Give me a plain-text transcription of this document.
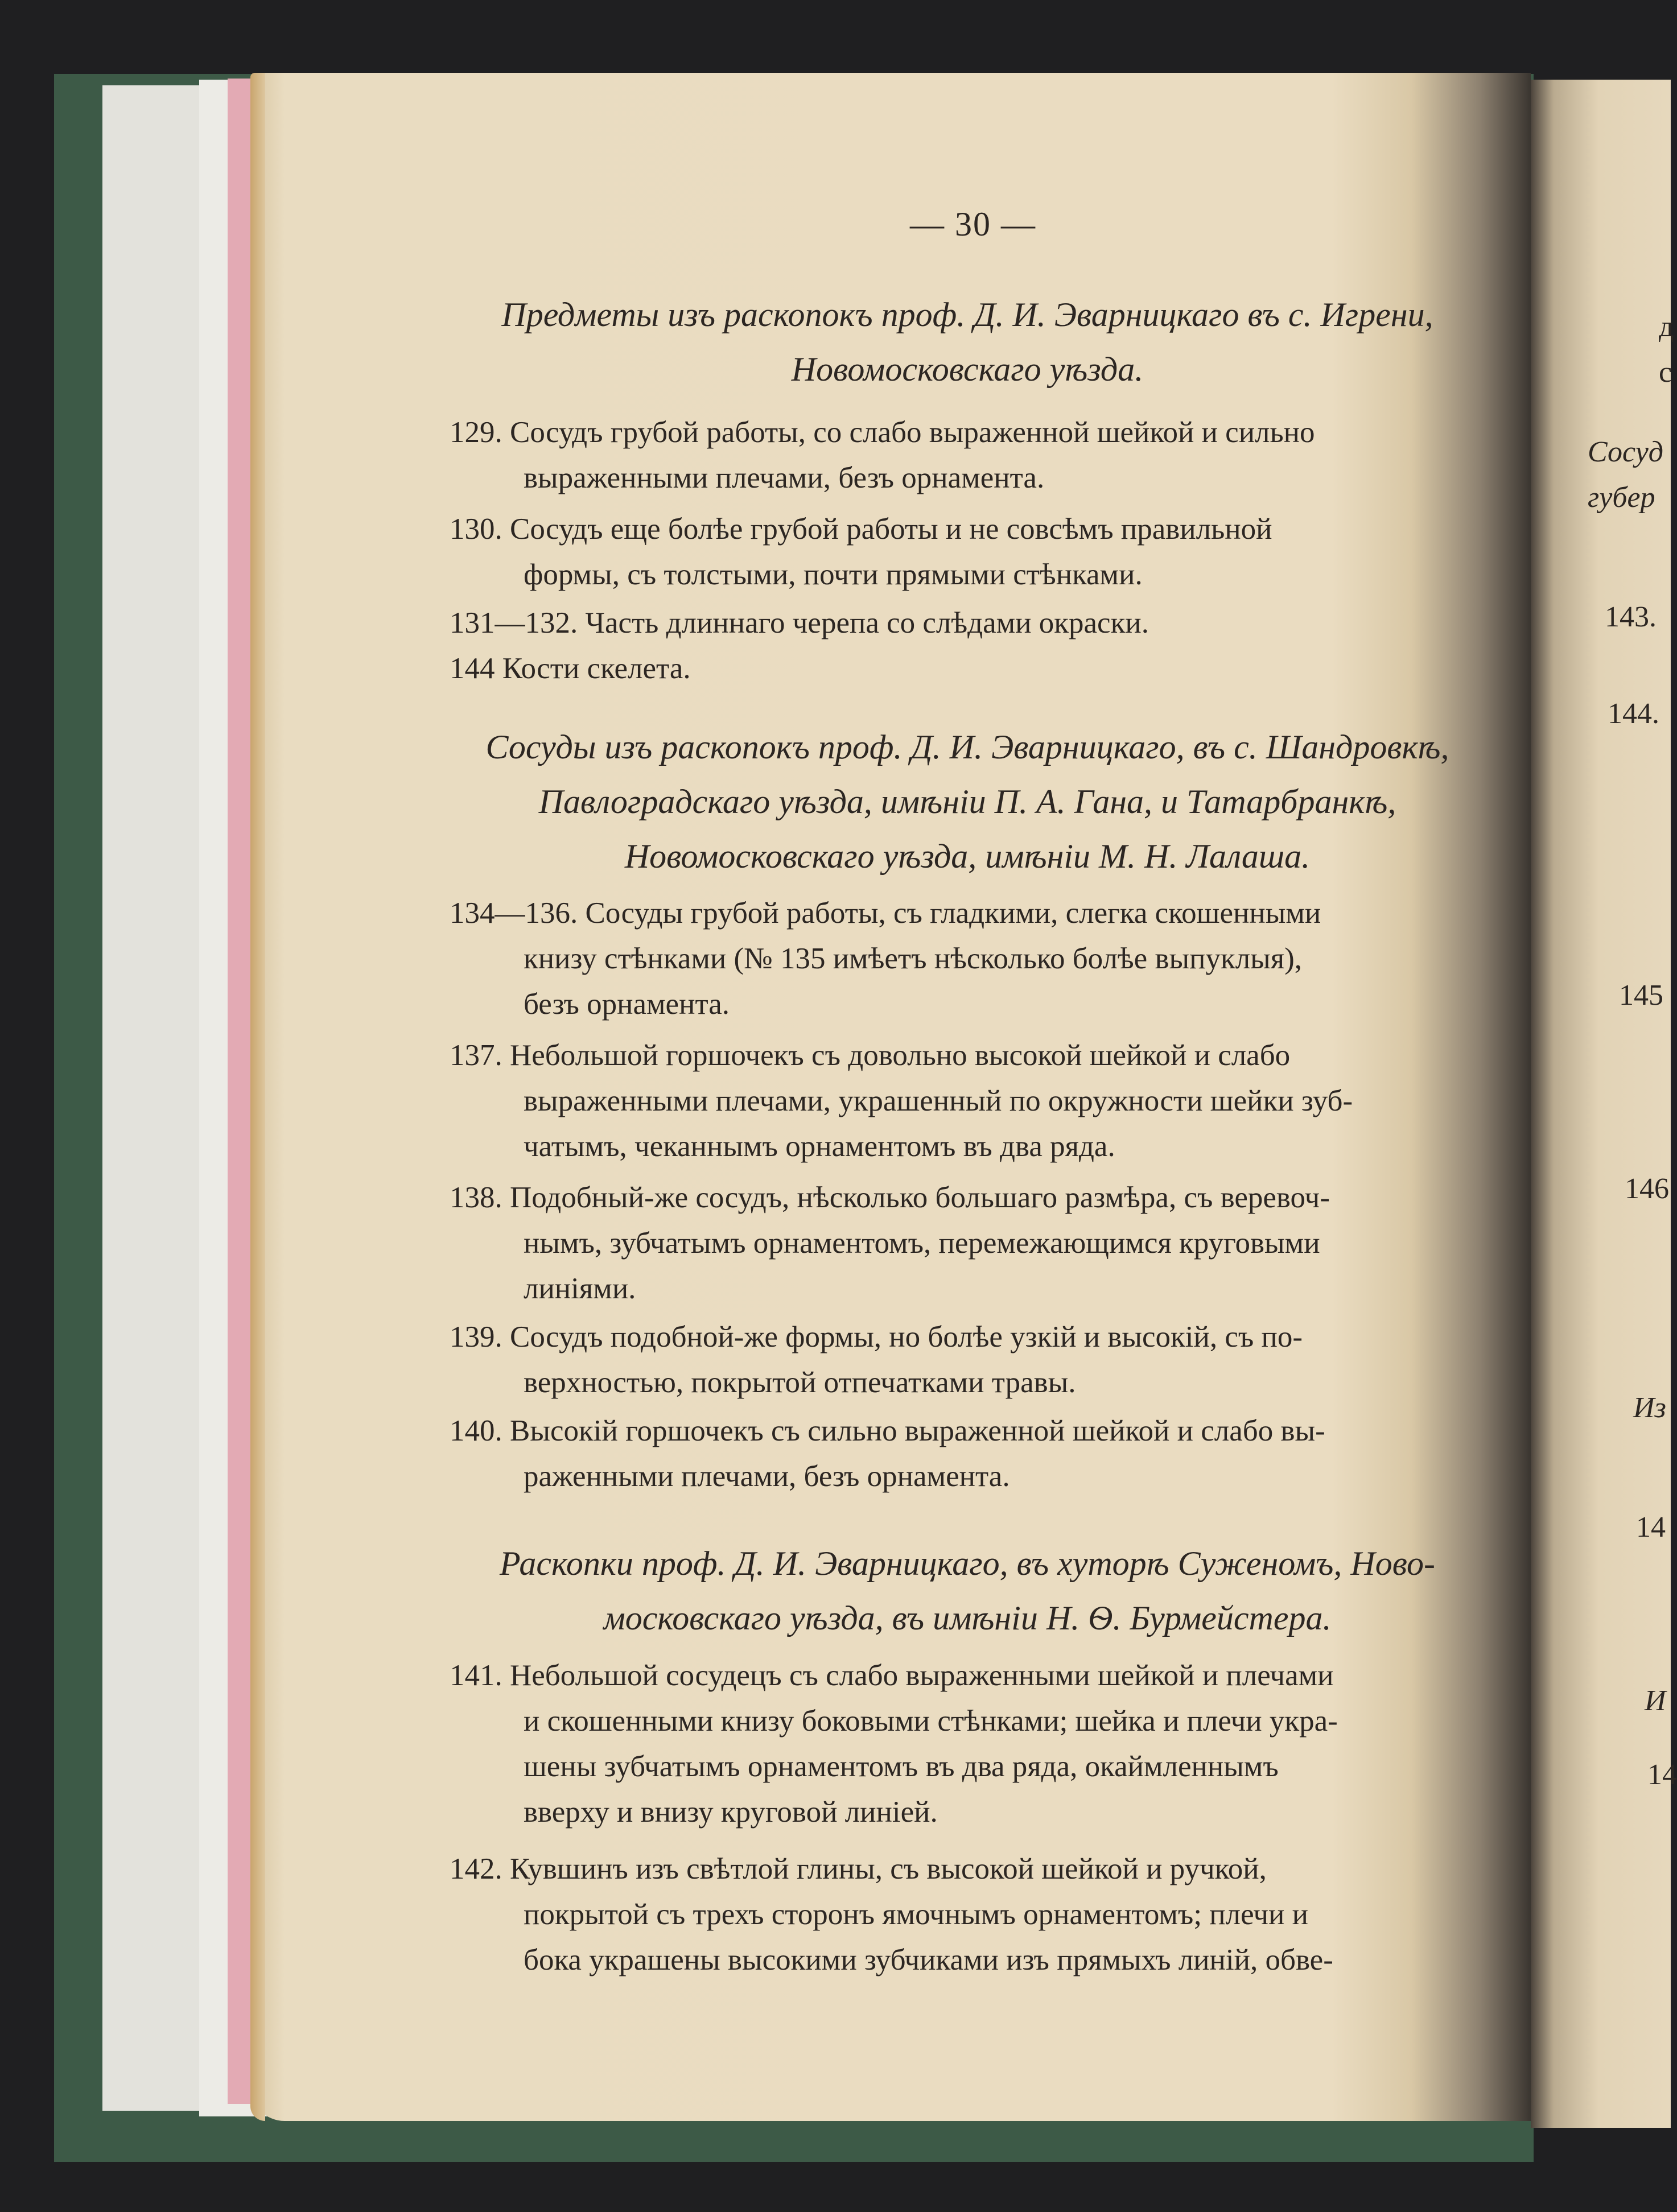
— 30 —
Предметы изъ раскопокъ проф. Д. И. Эварницкаго въ с. Игрени,
Новомосковскаго уѣзда.
129. Сосудъ грубой работы, со слабо выраженной шейкой и сильно
выраженными плечами, безъ орнамента.
130. Сосудъ еще болѣе грубой работы и не совсѣмъ правильной
формы, съ толстыми, почти прямыми стѣнками.
131—132. Часть длиннаго черепа со слѣдами окраски.
144 Кости скелета.
Сосуды изъ раскопокъ проф. Д. И. Эварницкаго, въ с. Шандровкѣ,
Павлоградскаго уѣзда, имѣніи П. А. Гана, и Татарбранкѣ,
Новомосковскаго уѣзда, имѣніи М. Н. Лалаша.
134—136. Сосуды грубой работы, съ гладкими, слегка скошенными
книзу стѣнками (№ 135 имѣетъ нѣсколько болѣе выпуклыя),
безъ орнамента.
137. Небольшой горшочекъ съ довольно высокой шейкой и слабо
выраженными плечами, украшенный по окружности шейки зуб-
чатымъ, чеканнымъ орнаментомъ въ два ряда.
138. Подобный-же сосудъ, нѣсколько большаго размѣра, съ веревоч-
нымъ, зубчатымъ орнаментомъ, перемежающимся круговыми
линіями.
139. Сосудъ подобной-же формы, но болѣе узкій и высокій, съ по-
верхностью, покрытой отпечатками травы.
140. Высокій горшочекъ съ сильно выраженной шейкой и слабо вы-
раженными плечами, безъ орнамента.
Раскопки проф. Д. И. Эварницкаго, въ хуторѣ Суженомъ, Ново-
московскаго уѣзда, въ имѣніи Н. Ѳ. Бурмейстера.
141. Небольшой сосудецъ съ слабо выраженными шейкой и плечами
и скошенными книзу боковыми стѣнками; шейка и плечи укра-
шены зубчатымъ орнаментомъ въ два ряда, окаймленнымъ
вверху и внизу круговой линіей.
142. Кувшинъ изъ свѣтлой глины, съ высокой шейкой и ручкой,
покрытой съ трехъ сторонъ ямочнымъ орнаментомъ; плечи и
бока украшены высокими зубчиками изъ прямыхъ линій, обве-
д
с
Сосуд
губер
143.
144.
145
146
Из
14
И
14
